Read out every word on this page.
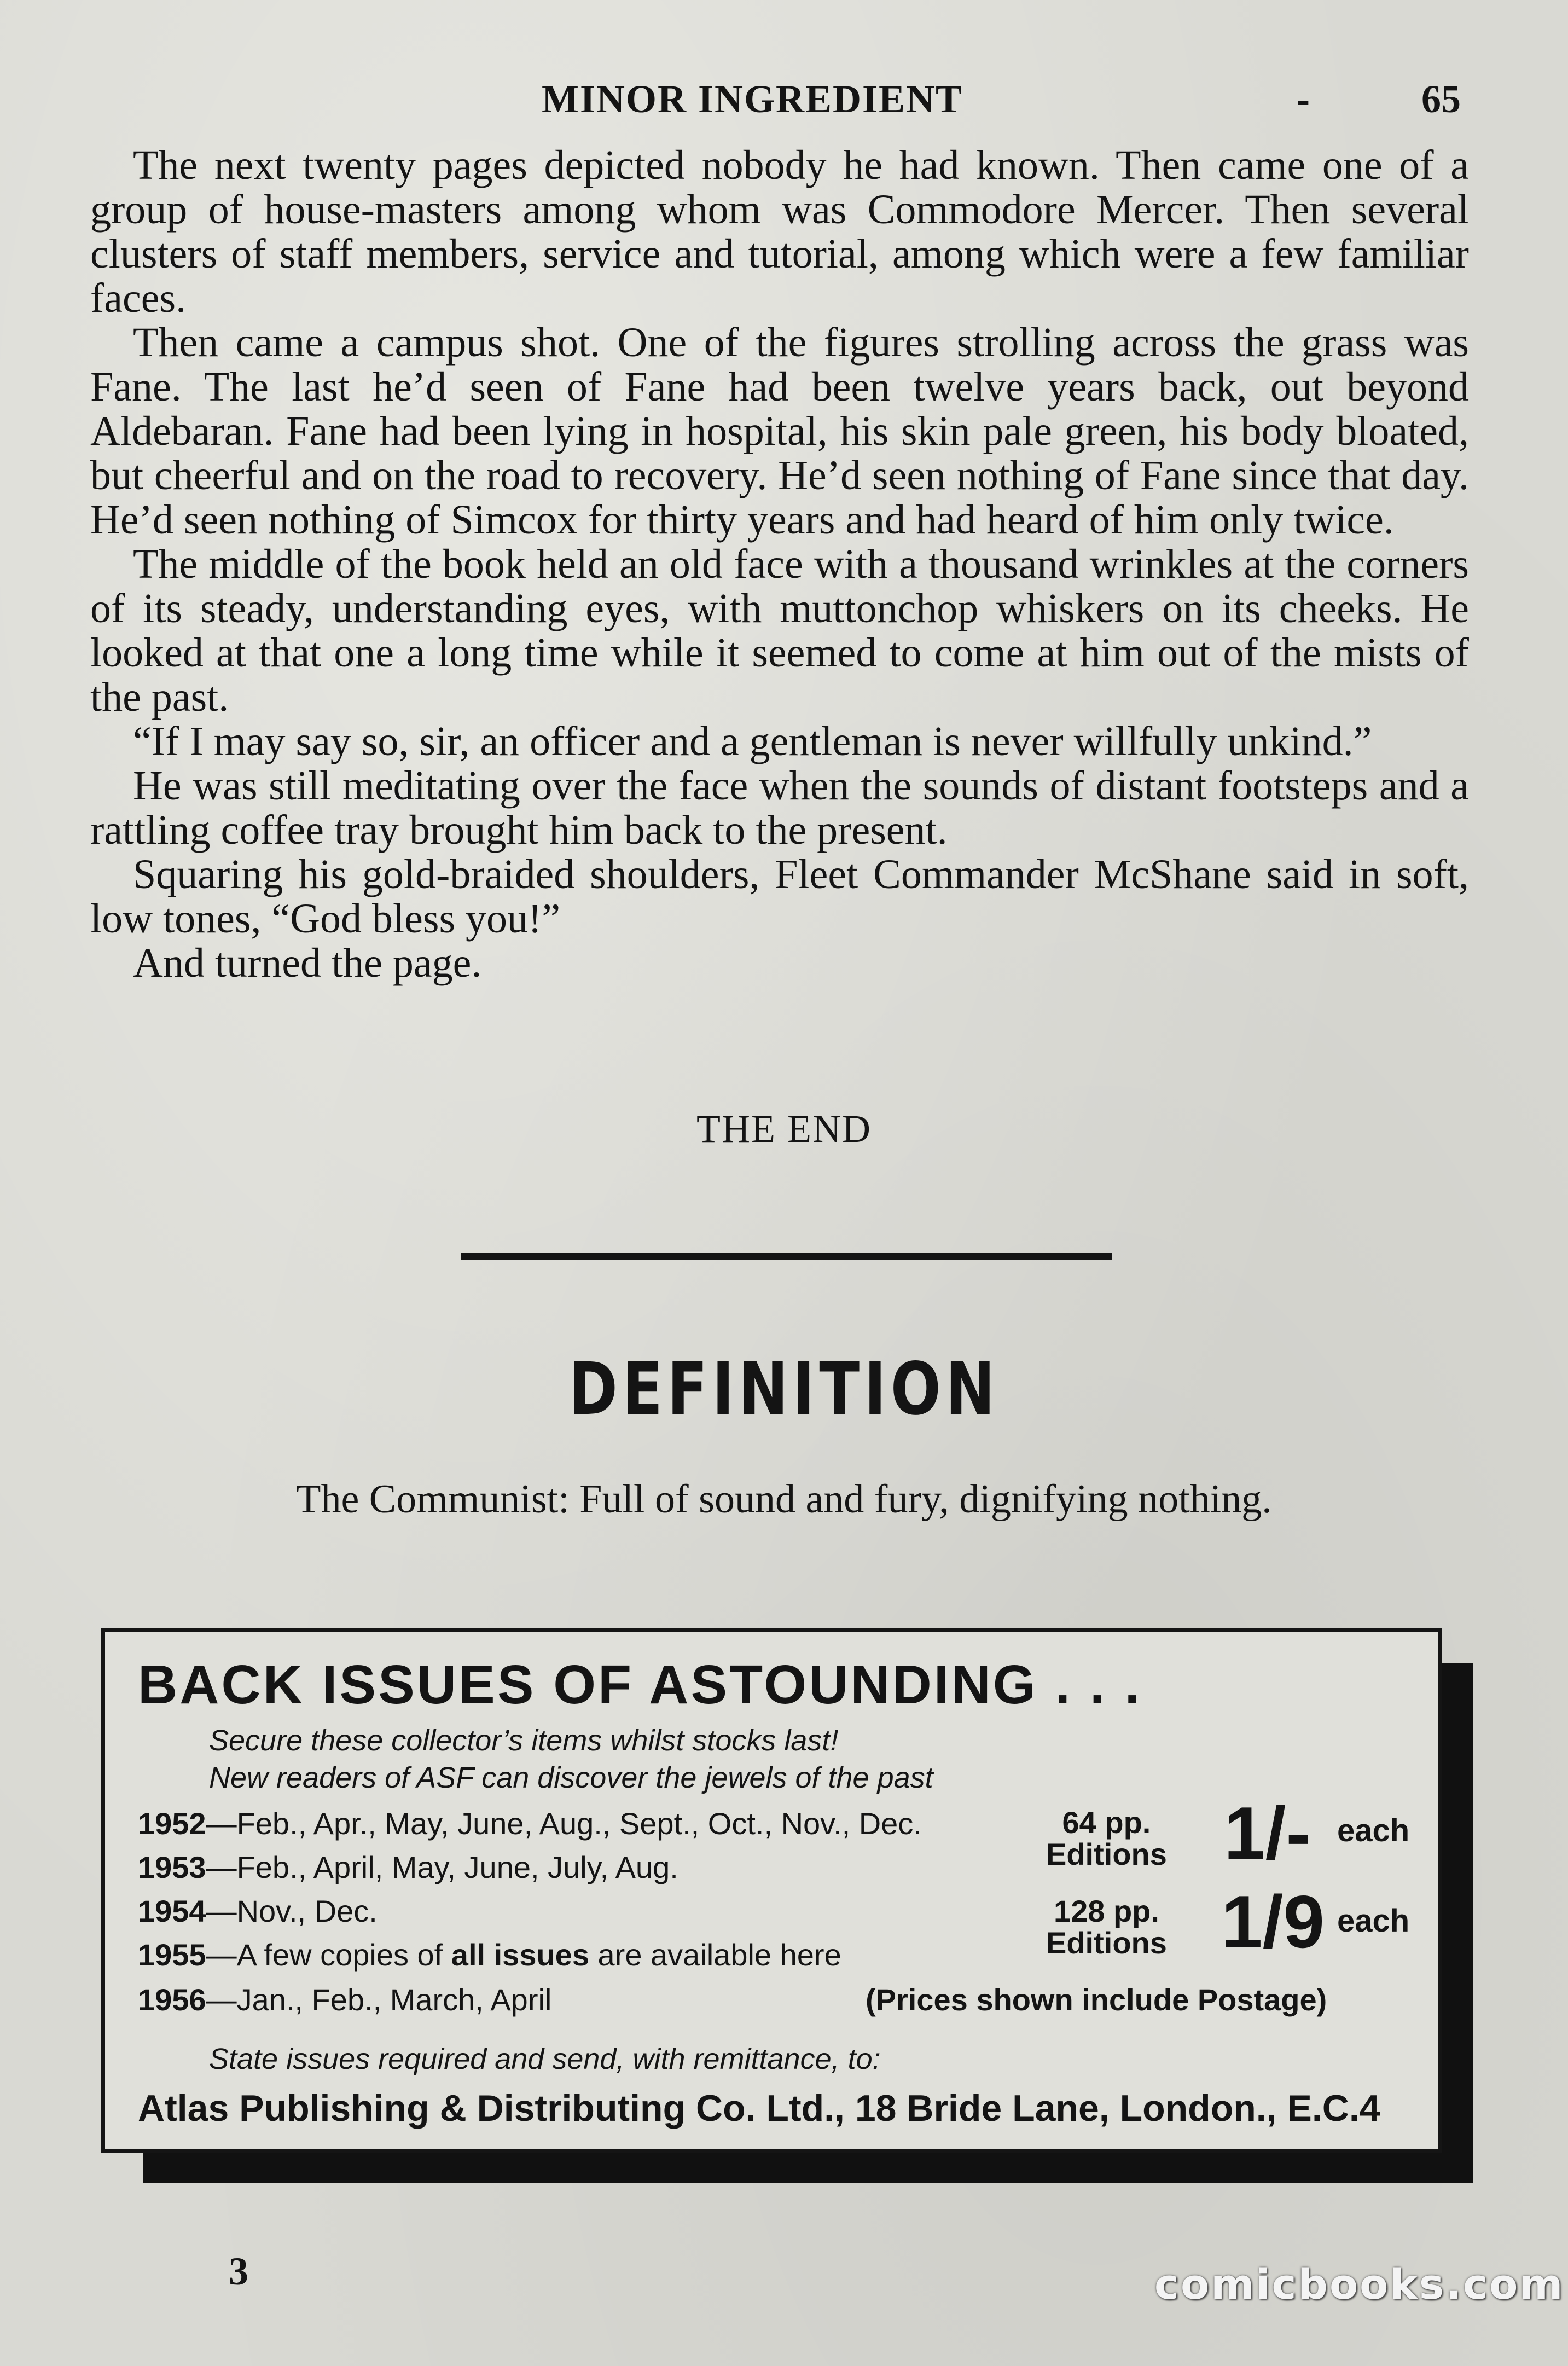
MINOR INGREDIENT	-	65

The next twenty pages depicted nobody he had known. Then came one of a group of house-masters among whom was Commodore Mercer. Then several clusters of staff members, service and tutorial, among which were a few familiar faces.

Then came a campus shot. One of the figures strolling across the grass was Fane. The last he’d seen of Fane had been twelve years back, out beyond Aldebaran. Fane had been lying in hospital, his skin pale green, his body bloated, but cheerful and on the road to recovery. He’d seen nothing of Fane since that day. He’d seen nothing of Simcox for thirty years and had heard of him only twice.

The middle of the book held an old face with a thousand wrinkles at the corners of its steady, understanding eyes, with muttonchop whiskers on its cheeks. He looked at that one a long time while it seemed to come at him out of the mists of the past.

“If I may say so, sir, an officer and a gentleman is never willfully unkind.”

He was still meditating over the face when the sounds of distant footsteps and a rattling coffee tray brought him back to the present.

Squaring his gold-braided shoulders, Fleet Commander McShane said in soft, low tones, “God bless you!”

And turned the page.

THE END
DEFINITION
The Communist: Full of sound and fury, dignifying nothing.
BACK ISSUES OF ASTOUNDING . . .
Secure these collector’s items whilst stocks last!
New readers of ASF can discover the jewels of the past
1952—Feb., Apr., May, June, Aug., Sept., Oct., Nov., Dec.
1953—Feb., April, May, June, July, Aug.
1954—Nov., Dec.
1955—A few copies of all issues are available here
1956—Jan., Feb., March, April
64 pp.
Editions 1/- each
128 pp.
Editions 1/9 each
(Prices shown include Postage)
State issues required and send, with remittance, to:
Atlas Publishing & Distributing Co. Ltd., 18 Bride Lane, London., E.C.4
3	comicbooks.com
